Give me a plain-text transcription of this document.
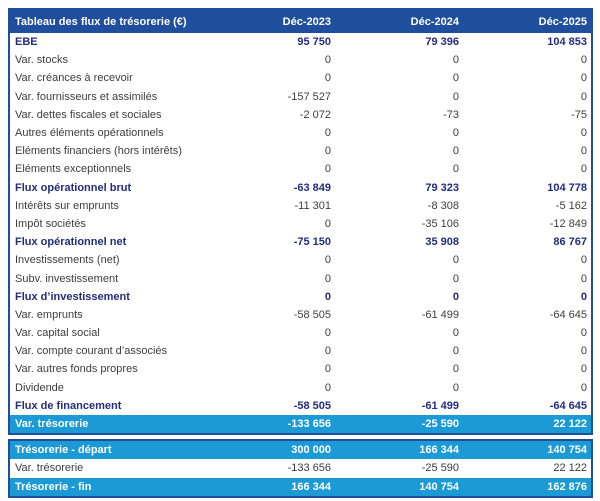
Tableau des flux de trésorerie (€)	Déc-2023	Déc-2024	Déc-2025
EBE	95 750	79 396	104 853
Var. stocks	0	0	0
Var. créances à recevoir	0	0	0
Var. fournisseurs et assimilés	-157 527	0	0
Var. dettes fiscales et sociales	-2 072	-73	-75
Autres éléments opérationnels	0	0	0
Eléments financiers (hors intérêts)	0	0	0
Eléments exceptionnels	0	0	0
Flux opérationnel brut	-63 849	79 323	104 778
Intérêts sur emprunts	-11 301	-8 308	-5 162
Impôt sociétés	0	-35 106	-12 849
Flux opérationnel net	-75 150	35 908	86 767
Investissements (net)	0	0	0
Subv. investissement	0	0	0
Flux d’investissement	0	0	0
Var. emprunts	-58 505	-61 499	-64 645
Var. capital social	0	0	0
Var. compte courant d’associés	0	0	0
Var. autres fonds propres	0	0	0
Dividende	0	0	0
Flux de financement	-58 505	-61 499	-64 645
Var. trésorerie	-133 656	-25 590	22 122
Trésorerie - départ	300 000	166 344	140 754
Var. trésorerie	-133 656	-25 590	22 122
Trésorerie - fin	166 344	140 754	162 876
